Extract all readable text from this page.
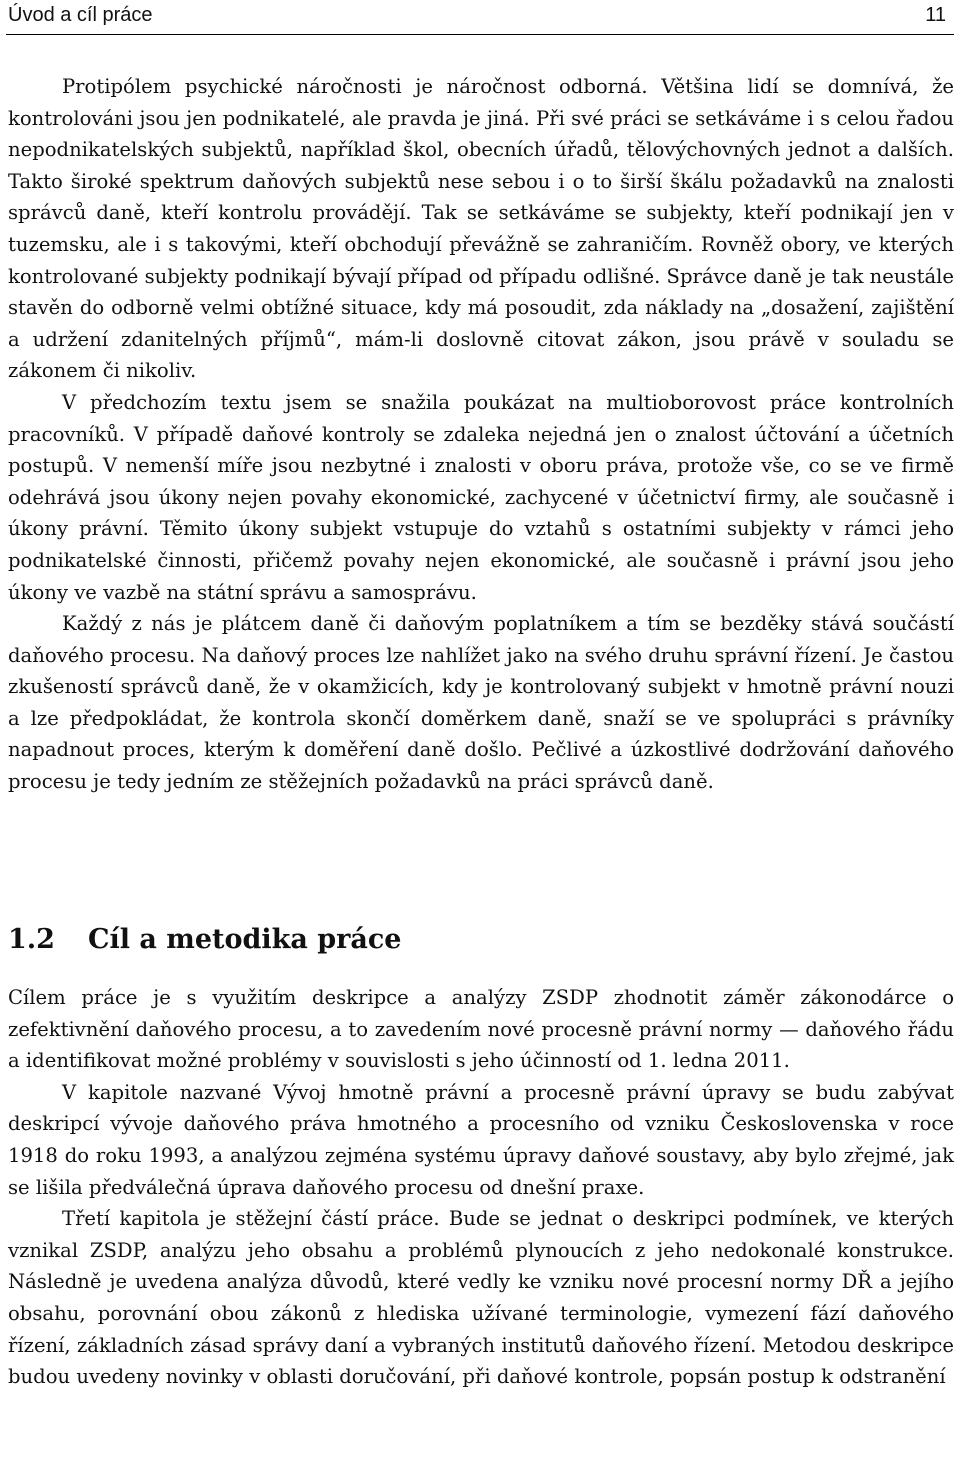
Úvod a cíl práce	11

Protipólem psychické náročnosti je náročnost odborná. Většina lidí se domnívá, že kontrolováni jsou jen podnikatelé, ale pravda je jiná. Při své práci se setkáváme i s celou řadou nepodnikatelských subjektů, například škol, obecních úřadů, tělovýchovných jednot a dalších. Takto široké spektrum daňových subjektů nese sebou i o to širší škálu požadavků na znalosti správců daně, kteří kontrolu provádějí. Tak se setkáváme se subjekty, kteří podnikají jen v tuzemsku, ale i s takovými, kteří obchodují převážně se zahraničím. Rovněž obory, ve kterých kontrolované subjekty podnikají bývají případ od případu odlišné. Správce daně je tak neustále stavěn do odborně velmi obtížné situace, kdy má posoudit, zda náklady na „dosažení, zajištění a udržení zdanitelných příjmů“, mám-li doslovně citovat zákon, jsou právě v souladu se zákonem či nikoliv.

V předchozím textu jsem se snažila poukázat na multioborovost práce kontrolních pracovníků. V případě daňové kontroly se zdaleka nejedná jen o znalost účtování a účetních postupů. V nemenší míře jsou nezbytné i znalosti v oboru práva, protože vše, co se ve firmě odehrává jsou úkony nejen povahy ekonomické, zachycené v účetnictví firmy, ale současně i úkony právní. Těmito úkony subjekt vstupuje do vztahů s ostatními subjekty v rámci jeho podnikatelské činnosti, přičemž povahy nejen ekonomické, ale současně i právní jsou jeho úkony ve vazbě na státní správu a samosprávu.

Každý z nás je plátcem daně či daňovým poplatníkem a tím se bezděky stává součástí daňového procesu. Na daňový proces lze nahlížet jako na svého druhu správní řízení. Je častou zkušeností správců daně, že v okamžicích, kdy je kontrolovaný subjekt v hmotně právní nouzi a lze předpokládat, že kontrola skončí doměrkem daně, snaží se ve spolupráci s právníky napadnout proces, kterým k doměření daně došlo. Pečlivé a úzkostlivé dodržování daňového procesu je tedy jedním ze stěžejních požadavků na práci správců daně.

1.2 Cíl a metodika práce

Cílem práce je s využitím deskripce a analýzy ZSDP zhodnotit záměr zákonodárce o zefektivnění daňového procesu, a to zavedením nové procesně právní normy — daňového řádu a identifikovat možné problémy v souvislosti s jeho účinností od 1. ledna 2011.

V kapitole nazvané Vývoj hmotně právní a procesně právní úpravy se budu zabývat deskripcí vývoje daňového práva hmotného a procesního od vzniku Československa v roce 1918 do roku 1993, a analýzou zejména systému úpravy daňové soustavy, aby bylo zřejmé, jak se lišila předválečná úprava daňového procesu od dnešní praxe.

Třetí kapitola je stěžejní částí práce. Bude se jednat o deskripci podmínek, ve kterých vznikal ZSDP, analýzu jeho obsahu a problémů plynoucích z jeho nedokonalé konstrukce. Následně je uvedena analýza důvodů, které vedly ke vzniku nové procesní normy DŘ a jejího obsahu, porovnání obou zákonů z hlediska užívané terminologie, vymezení fází daňového řízení, základních zásad správy daní a vybraných institutů daňového řízení. Metodou deskripce budou uvedeny novinky v oblasti doručování, při daňové kontrole, popsán postup k odstranění
